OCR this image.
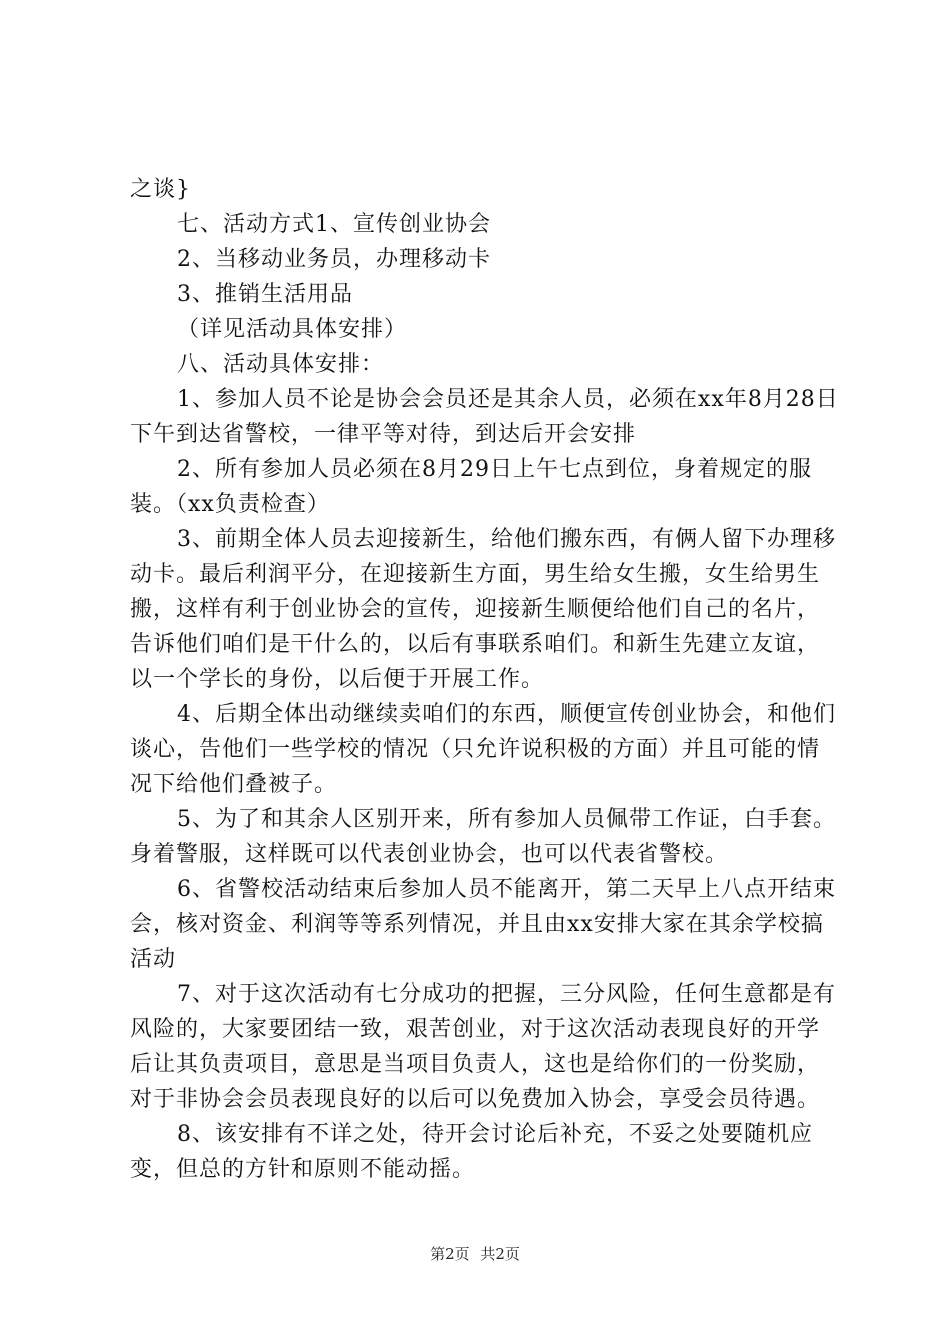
之谈}

七、活动方式1、宣传创业协会

2、当移动业务员，办理移动卡

3、推销生活用品

（详见活动具体安排）

八、活动具体安排：

1、参加人员不论是协会会员还是其余人员，必须在xx年8月28日下午到达省警校，一律平等对待，到达后开会安排

2、所有参加人员必须在8月29日上午七点到位，身着规定的服装。（xx负责检查）

3、前期全体人员去迎接新生，给他们搬东西，有俩人留下办理移动卡。最后利润平分，在迎接新生方面，男生给女生搬，女生给男生搬，这样有利于创业协会的宣传，迎接新生顺便给他们自己的名片，告诉他们咱们是干什么的，以后有事联系咱们。和新生先建立友谊，以一个学长的身份，以后便于开展工作。

4、后期全体出动继续卖咱们的东西，顺便宣传创业协会，和他们谈心，告他们一些学校的情况（只允许说积极的方面）并且可能的情况下给他们叠被子。

5、为了和其余人区别开来，所有参加人员佩带工作证，白手套。身着警服，这样既可以代表创业协会，也可以代表省警校。

6、省警校活动结束后参加人员不能离开，第二天早上八点开结束会，核对资金、利润等等系列情况，并且由xx安排大家在其余学校搞活动

7、对于这次活动有七分成功的把握，三分风险，任何生意都是有风险的，大家要团结一致，艰苦创业，对于这次活动表现良好的开学后让其负责项目，意思是当项目负责人，这也是给你们的一份奖励，对于非协会会员表现良好的以后可以免费加入协会，享受会员待遇。

8、该安排有不详之处，待开会讨论后补充，不妥之处要随机应变，但总的方针和原则不能动摇。

第2页 共2页
